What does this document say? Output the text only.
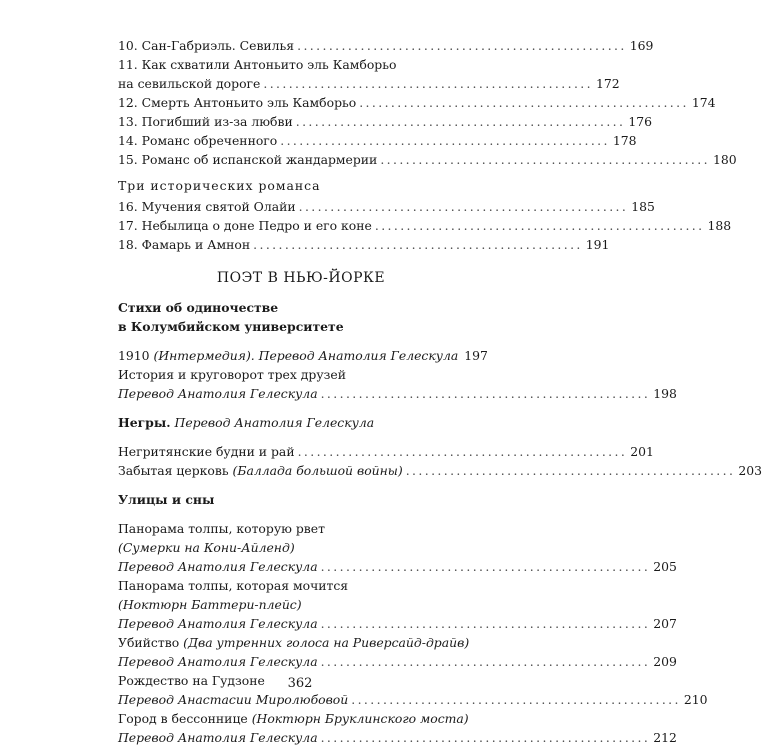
10. Сан-Габриэль. Севилья .................................................... 169
11. Как схватили Антоньито эль Камборьо
на севильской дороге .................................................... 172
12. Смерть Антоньито эль Камборьо .................................................... 174
13. Погибший из-за любви .................................................... 176
14. Романс обреченного .................................................... 178
15. Романс об испанской жандармерии .................................................... 180
Три исторических романса
16. Мучения святой Олайи .................................................... 185
17. Небылица о доне Педро и его коне .................................................... 188
18. Фамарь и Амнон .................................................... 191
ПОЭТ В НЬЮ-ЙОРКЕ
Стихи об одиночестве
в Колумбийском университете
1910 (Интермедия). Перевод Анатолия Гелескула 197
История и круговорот трех друзей
Перевод Анатолия Гелескула .................................................... 198
Негры. Перевод Анатолия Гелескула
Негритянские будни и рай .................................................... 201
Забытая церковь (Баллада большой войны) .................................................... 203
Улицы и сны
Панорама толпы, которую рвет
(Сумерки на Кони-Айленд)
Перевод Анатолия Гелескула .................................................... 205
Панорама толпы, которая мочится
(Ноктюрн Баттери-плейс)
Перевод Анатолия Гелескула .................................................... 207
Убийство (Два утренних голоса на Риверсайд-драйв)
Перевод Анатолия Гелескула .................................................... 209
Рождество на Гудзоне
Перевод Анастасии Миролюбовой .................................................... 210
Город в бессоннице (Ноктюрн Бруклинского моста)
Перевод Анатолия Гелескула .................................................... 212
362
